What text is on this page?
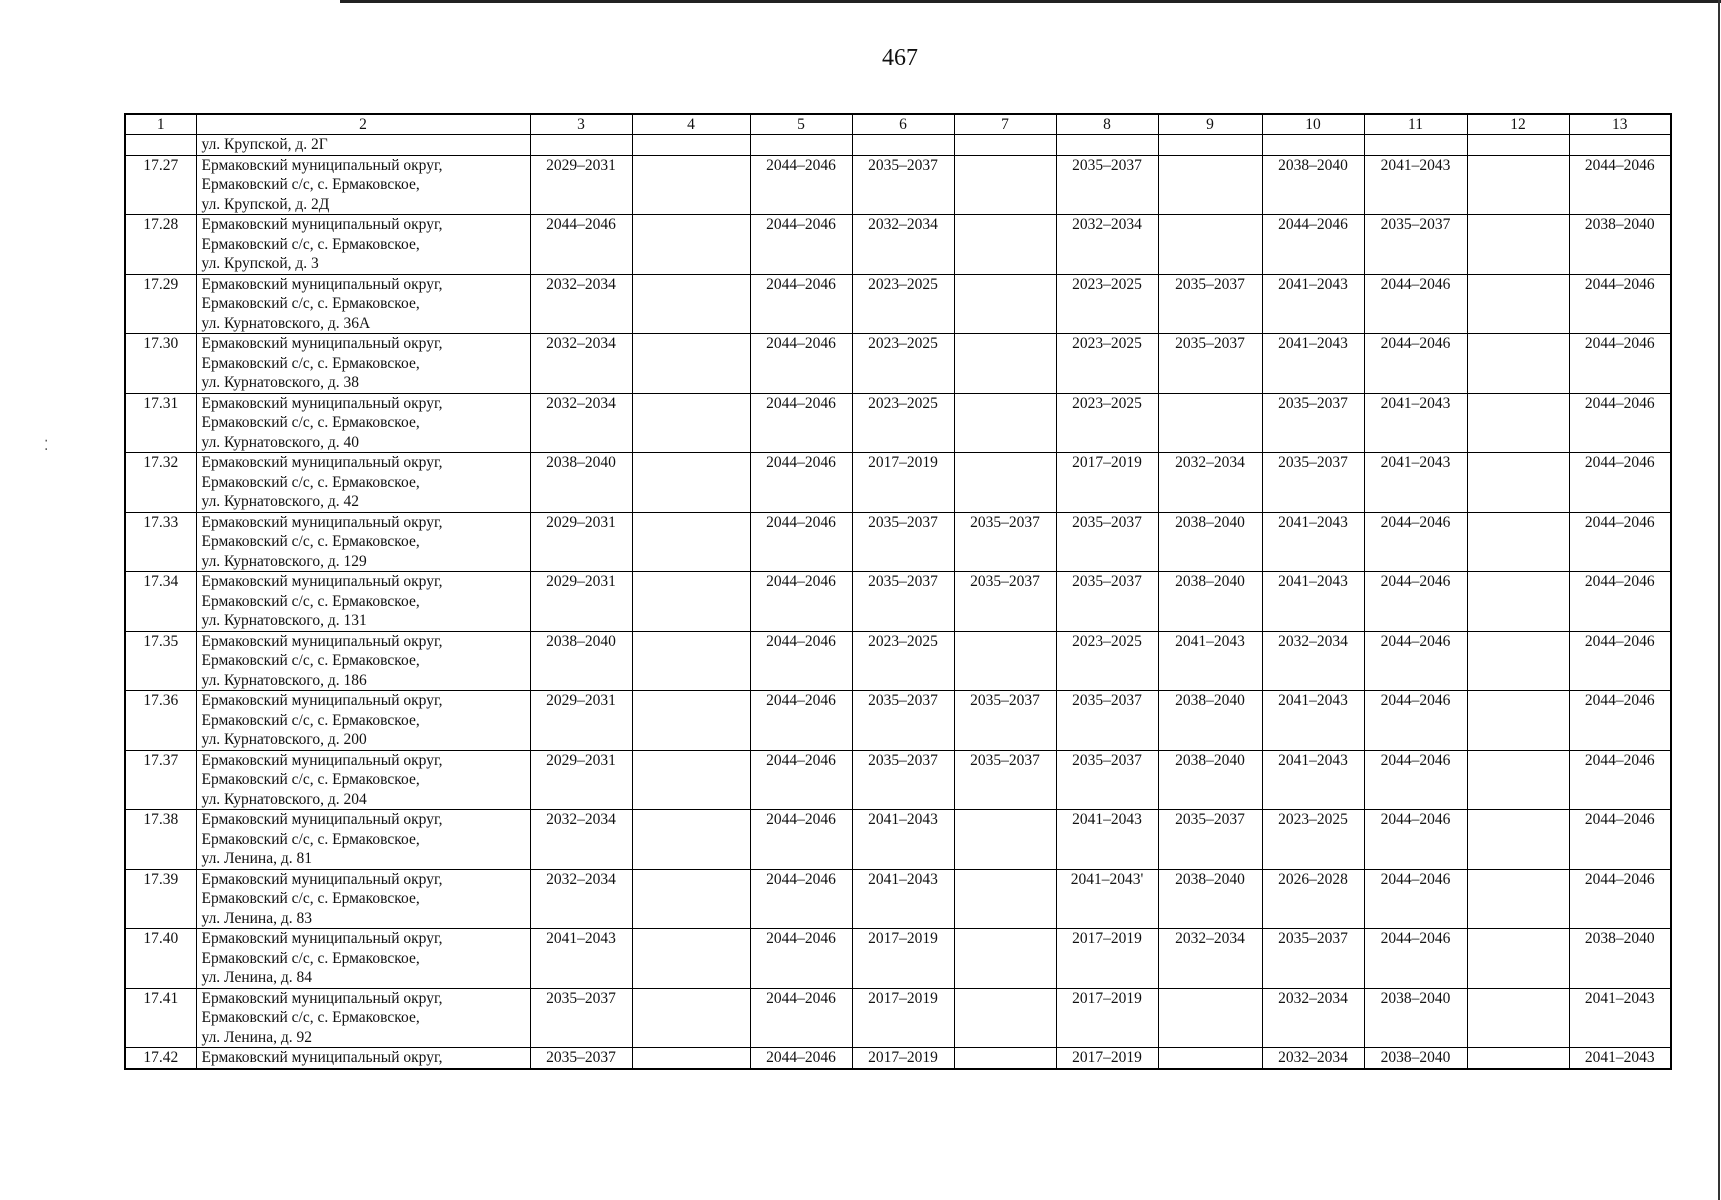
⁚
467
1	2	3	4	5	6	7	8	9	10	11	12	13
	ул. Крупской, д. 2Г											
17.27	Ермаковский муниципальный округ,
Ермаковский с/с, с. Ермаковское,
ул. Крупской, д. 2Д	2029–2031		2044–2046	2035–2037		2035–2037		2038–2040	2041–2043		2044–2046
17.28	Ермаковский муниципальный округ,
Ермаковский с/с, с. Ермаковское,
ул. Крупской, д. 3	2044–2046		2044–2046	2032–2034		2032–2034		2044–2046	2035–2037		2038–2040
17.29	Ермаковский муниципальный округ,
Ермаковский с/с, с. Ермаковское,
ул. Курнатовского, д. 36А	2032–2034		2044–2046	2023–2025		2023–2025	2035–2037	2041–2043	2044–2046		2044–2046
17.30	Ермаковский муниципальный округ,
Ермаковский с/с, с. Ермаковское,
ул. Курнатовского, д. 38	2032–2034		2044–2046	2023–2025		2023–2025	2035–2037	2041–2043	2044–2046		2044–2046
17.31	Ермаковский муниципальный округ,
Ермаковский с/с, с. Ермаковское,
ул. Курнатовского, д. 40	2032–2034		2044–2046	2023–2025		2023–2025		2035–2037	2041–2043		2044–2046
17.32	Ермаковский муниципальный округ,
Ермаковский с/с, с. Ермаковское,
ул. Курнатовского, д. 42	2038–2040		2044–2046	2017–2019		2017–2019	2032–2034	2035–2037	2041–2043		2044–2046
17.33	Ермаковский муниципальный округ,
Ермаковский с/с, с. Ермаковское,
ул. Курнатовского, д. 129	2029–2031		2044–2046	2035–2037	2035–2037	2035–2037	2038–2040	2041–2043	2044–2046		2044–2046
17.34	Ермаковский муниципальный округ,
Ермаковский с/с, с. Ермаковское,
ул. Курнатовского, д. 131	2029–2031		2044–2046	2035–2037	2035–2037	2035–2037	2038–2040	2041–2043	2044–2046		2044–2046
17.35	Ермаковский муниципальный округ,
Ермаковский с/с, с. Ермаковское,
ул. Курнатовского, д. 186	2038–2040		2044–2046	2023–2025		2023–2025	2041–2043	2032–2034	2044–2046		2044–2046
17.36	Ермаковский муниципальный округ,
Ермаковский с/с, с. Ермаковское,
ул. Курнатовского, д. 200	2029–2031		2044–2046	2035–2037	2035–2037	2035–2037	2038–2040	2041–2043	2044–2046		2044–2046
17.37	Ермаковский муниципальный округ,
Ермаковский с/с, с. Ермаковское,
ул. Курнатовского, д. 204	2029–2031		2044–2046	2035–2037	2035–2037	2035–2037	2038–2040	2041–2043	2044–2046		2044–2046
17.38	Ермаковский муниципальный округ,
Ермаковский с/с, с. Ермаковское,
ул. Ленина, д. 81	2032–2034		2044–2046	2041–2043		2041–2043	2035–2037	2023–2025	2044–2046		2044–2046
17.39	Ермаковский муниципальный округ,
Ермаковский с/с, с. Ермаковское,
ул. Ленина, д. 83	2032–2034		2044–2046	2041–2043		2041–2043'	2038–2040	2026–2028	2044–2046		2044–2046
17.40	Ермаковский муниципальный округ,
Ермаковский с/с, с. Ермаковское,
ул. Ленина, д. 84	2041–2043		2044–2046	2017–2019		2017–2019	2032–2034	2035–2037	2044–2046		2038–2040
17.41	Ермаковский муниципальный округ,
Ермаковский с/с, с. Ермаковское,
ул. Ленина, д. 92	2035–2037		2044–2046	2017–2019		2017–2019		2032–2034	2038–2040		2041–2043
17.42	Ермаковский муниципальный округ,	2035–2037		2044–2046	2017–2019		2017–2019		2032–2034	2038–2040		2041–2043
